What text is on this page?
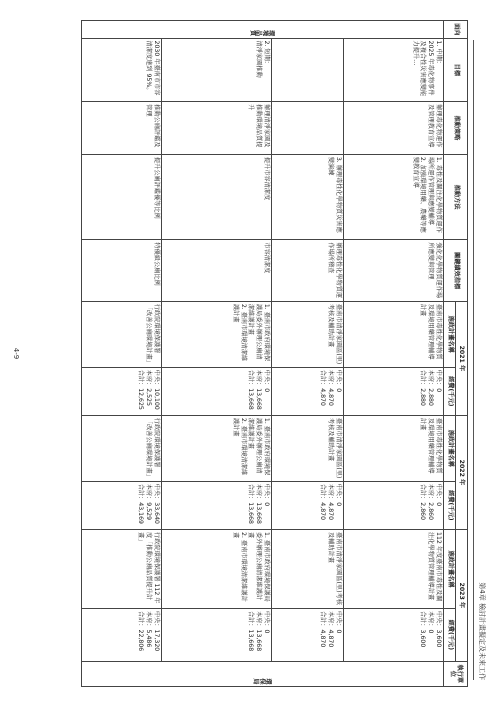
第4章 檢討計畫擬定及未來工作
面向	目標	推動策略	推動方法	關鍵績效指標	2021 年		2022 年		2023 年		執行單位
					施政計畫名稱	經費(千元)	施政計畫名稱	經費(千元)	施政計畫名稱	經費(千元)	
環境品質	1. 中期：
2025 年毒化物事件及複合性災害應變能力提升…	辦理毒化物運作及管理教育宣導	1. 毒性及關注化學物質運作場所運作管理與應變輔導
2. 加強環境用藥、農藥等應變教育宣導	強化化學物質運作場所應變與管理	臺南市毒性化學物質及環境用藥管理輔導計畫	中央：0
本府：2,880
合計：2,880	臺南市毒性化學物質及環境用藥管理輔導計畫	中央：0
本府：2,860
合計：2,860	112 年度臺南市毒性及關注化學物質管理輔導計畫	中央：3,600
本府：0
合計：3,600	環保局
			3. 辦理毒性化學物質災害應變演練	辦理毒性化學物質運作場所稽查	臺南市清淨家園區(里)考核及輔助計畫	中央：0
本府：4,870
合計：4,870	臺南市清淨家園區(里)考核及輔助計畫	中央：0
本府：4,870
合計：4,870	臺南市清淨家園區(里)考核及輔助計畫	中央：0
本府：4,870
合計：4,870	
	2. 短期：
清淨家園推動	辦理清淨家園及推動環境品質提升	提升市容清潔度	市容清潔度	1. 臺南市政府環境保護局委外辦理公廁清潔維護計畫
2. 臺南市環境清潔維護計畫	中央：0
本府：13,668
合計：13,668	1. 臺南市政府環境保護局委外辦理公廁清潔維護計畫
2. 臺南市環境清潔維護計畫	中央：0
本府：13,668
合計：13,668	1. 臺南市政府環境保護局委外辦理公廁清潔維護計畫
2. 臺南市環境清潔維護計畫	中央：0
本府：13,668
合計：13,668	
	2030 年臺南市市容清潔度達到 95%。	推動公廁評鑑及管理	提升公廁評鑑優等比例	特優級公廁比例	行政院環境保護署「改善公廁環境計畫」	中央：10,100
本府：2,525
合計：12,625	行政院環境保護署「改善公廁環境計畫」	中央：33,640
本府：9,529
合計：43,169	行政院環境保護署 112 年度「推動公廁品質提升計畫」	中央：17,320
本府：5,486
合計：22,806	
4-9
